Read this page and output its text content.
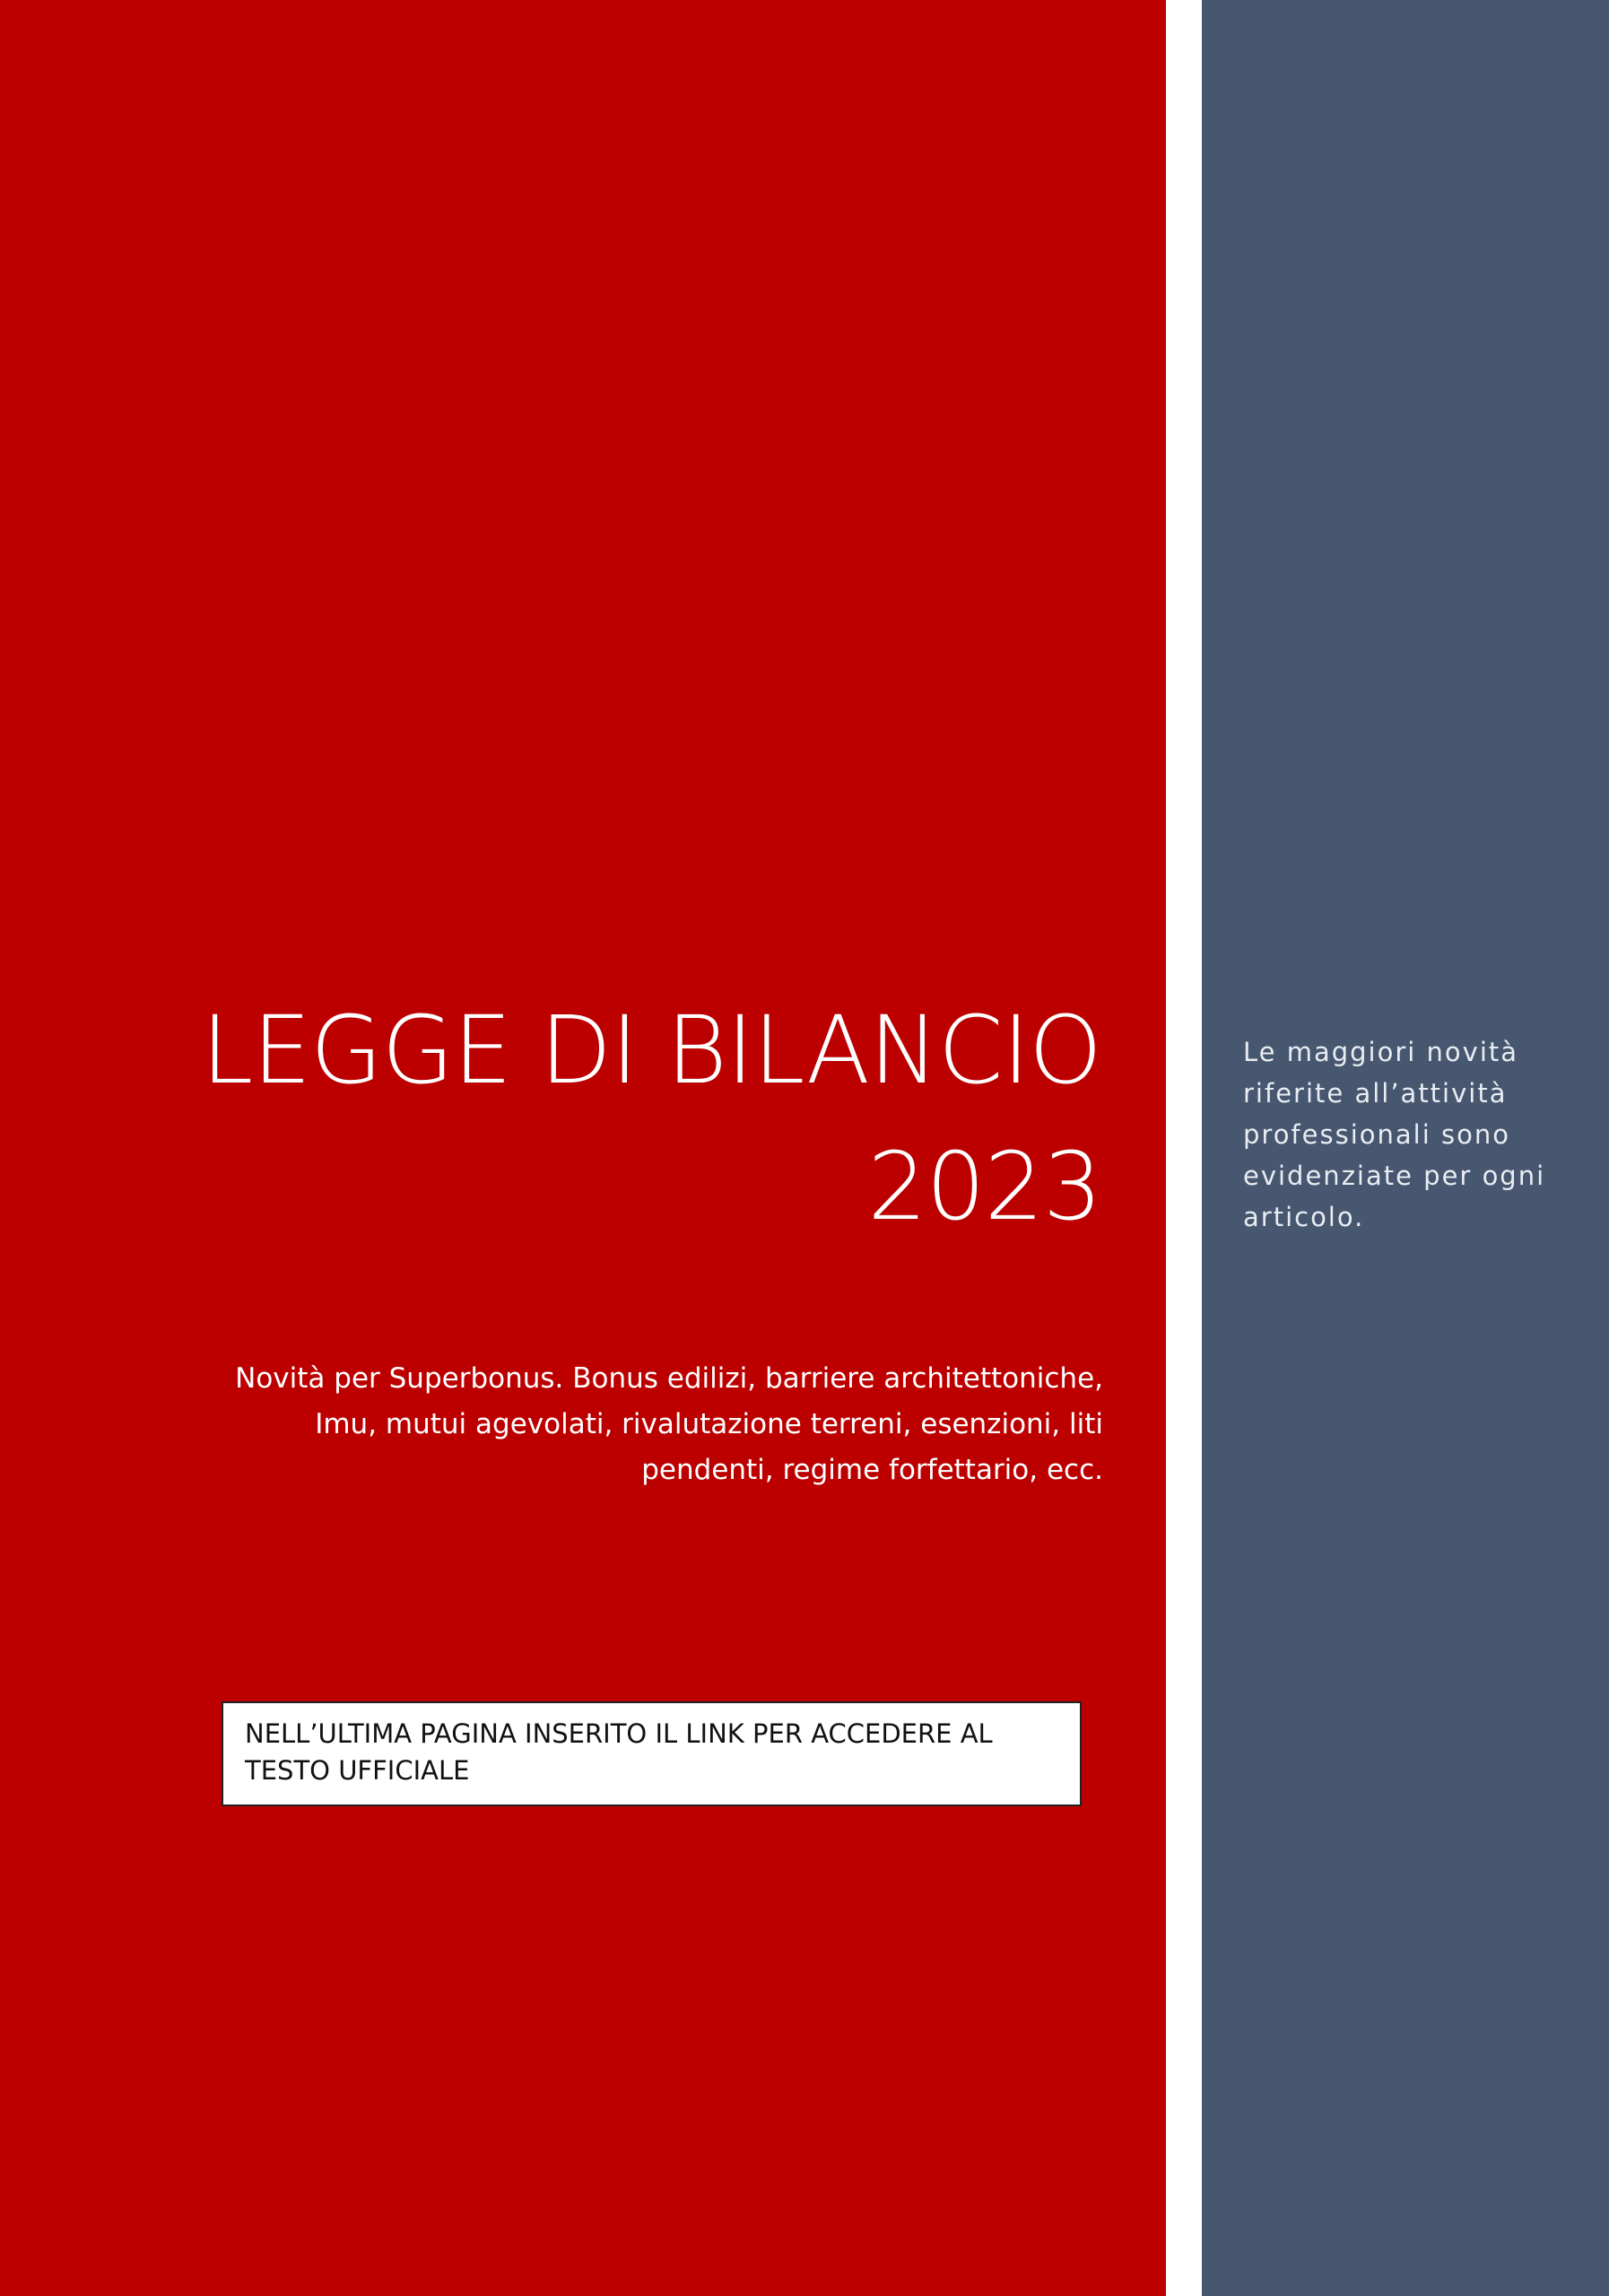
LEGGE DI BILANCIO
2023
Novità per Superbonus. Bonus edilizi, barriere architettoniche, Imu, mutui agevolati, rivalutazione terreni, esenzioni, liti pendenti, regime forfettario, ecc.
NELL’ULTIMA PAGINA INSERITO IL LINK PER ACCEDERE AL TESTO UFFICIALE
Le maggiori novità riferite all’attività professionali sono evidenziate per ogni articolo.
